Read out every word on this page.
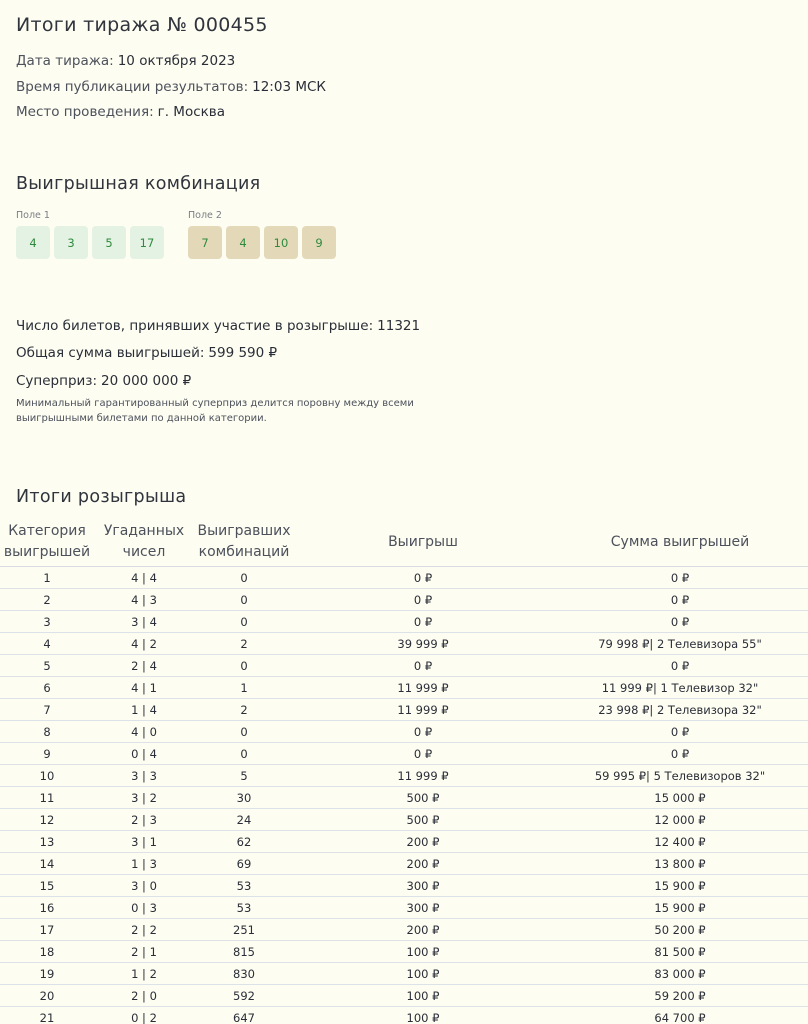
Итоги тиража № 000455
Дата тиража: 10 октября 2023
Время публикации результатов: 12:03 МСК
Место проведения: г. Москва
Выигрышная комбинация
Поле 1
4	3	5	17
Поле 2
7	4	10	9
Число билетов, принявших участие в розыгрыше: 11321
Общая сумма выигрышей: 599 590 ₽
Суперприз: 20 000 000 ₽
Минимальный гарантированный суперприз делится поровну между всеми выигрышными билетами по данной категории.
Итоги розыгрыша
Категория выигрышей	Угаданных чисел	Выигравших комбинаций	Выигрыш	Сумма выигрышей
1	4 | 4	0	0 ₽	0 ₽
2	4 | 3	0	0 ₽	0 ₽
3	3 | 4	0	0 ₽	0 ₽
4	4 | 2	2	39 999 ₽	79 998 ₽| 2 Телевизора 55"
5	2 | 4	0	0 ₽	0 ₽
6	4 | 1	1	11 999 ₽	11 999 ₽| 1 Телевизор 32"
7	1 | 4	2	11 999 ₽	23 998 ₽| 2 Телевизора 32"
8	4 | 0	0	0 ₽	0 ₽
9	0 | 4	0	0 ₽	0 ₽
10	3 | 3	5	11 999 ₽	59 995 ₽| 5 Телевизоров 32"
11	3 | 2	30	500 ₽	15 000 ₽
12	2 | 3	24	500 ₽	12 000 ₽
13	3 | 1	62	200 ₽	12 400 ₽
14	1 | 3	69	200 ₽	13 800 ₽
15	3 | 0	53	300 ₽	15 900 ₽
16	0 | 3	53	300 ₽	15 900 ₽
17	2 | 2	251	200 ₽	50 200 ₽
18	2 | 1	815	100 ₽	81 500 ₽
19	1 | 2	830	100 ₽	83 000 ₽
20	2 | 0	592	100 ₽	59 200 ₽
21	0 | 2	647	100 ₽	64 700 ₽
